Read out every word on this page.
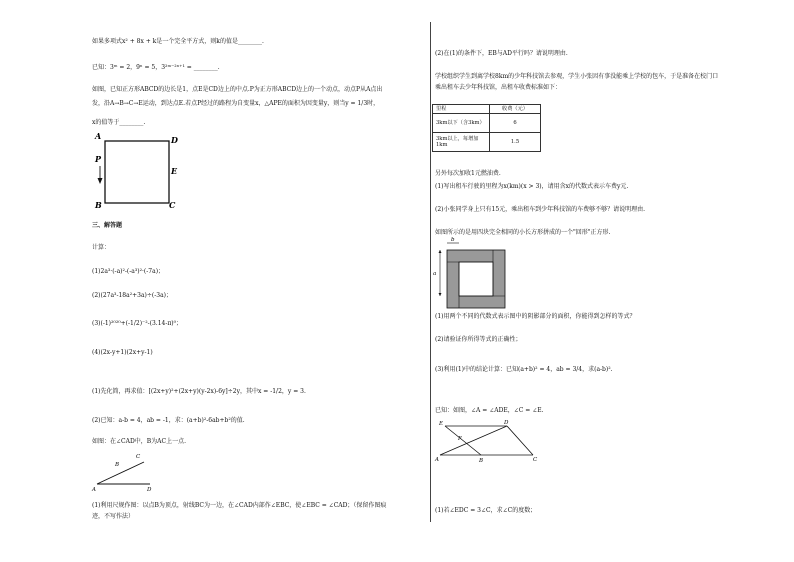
如果多项式x² + 8x + k是一个完全平方式，则k的值是________.
已知：3ᵐ = 2，9ⁿ = 5，3²ᵐ⁻²ⁿ⁺¹ = ________.
如图，已知正方形ABCD的边长是1，点E是CD边上的中点.P为正方形ABCD边上的一个动点，动点P从A点出
发，沿A→B→C→E运动，到达点E.若点P经过的路程为自变量x，△APE的面积为因变量y，则当y = 1/3时，
x的值等于________.
A	D
E
B	C
P
三、解答题
计算：
(1)2a³·(-a)²-(-a³)²·(-7a)；
(2)(27a³-18a²+3a)÷(-3a)；
(3)(-1)²⁰²⁰+(-1/2)⁻²-(3.14-π)⁰；
(4)(2x-y+1)(2x+y-1)
(1)先化简，再求值：[(2x+y)²+(2x+y)(y-2x)-6y]÷2y，其中x = -1/2，y = 3.
(2)已知：a-b = 4，ab = -1，求：(a+b)²-6ab+b²的值.
如图：在∠CAD中，B为AC上一点.
A
B
C
D
(1)利用尺规作图：以点B为顶点，射线BC为一边，在∠CAD内部作∠EBC，使∠EBC = ∠CAD；（保留作图痕
迹，不写作法）
(2)在(1)的条件下，EB与AD平行吗？请说明理由.
学校组织学生到离学校8km的少年科技馆去参观，学生小张因有事没能乘上学校的包车，于是准备在校门口
乘出租车去少年科技馆，出租车收费标准如下：
里程	收费（元）
3km以下（含3km）	6
3km以上，每增加1km	1.5
另外每次加收1元燃油费.
(1)写出租车行驶的里程为x(km)(x > 3)，请用含x的代数式表示车费y元.
(2)小张同学身上只有15元，乘出租车到少年科技馆的车费够不够？请说明理由.
如图所示的是用四块完全相同的小长方形拼成的一个"回形"正方形.
b
a
(1)用两个不同的代数式表示图中的阴影部分的面积，你能得到怎样的等式？
(2)请验证你所得等式的正确性；
(3)利用(1)中的结论计算：已知(a+b)² = 4，ab = 3/4，求(a-b)².
已知：如图，∠A = ∠ADE，∠C = ∠E.
E	D
F
A	B	C
(1)若∠EDC = 3∠C，求∠C的度数；
